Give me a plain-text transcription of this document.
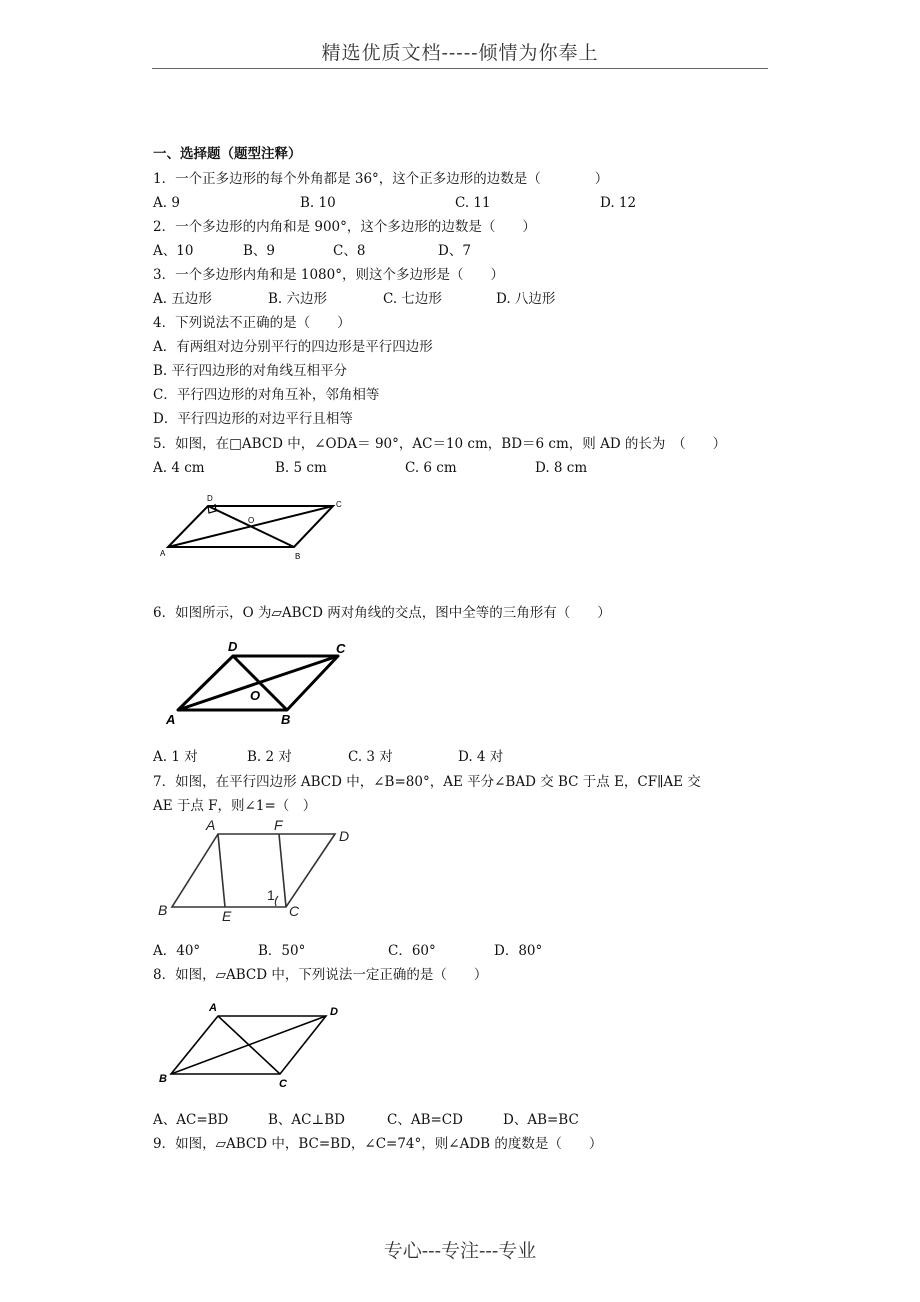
精选优质文档-----倾情为你奉上
一、选择题（题型注释）
1．一个正多边形的每个外角都是 36°，这个正多边形的边数是（　　　　）
A. 9	B. 10	C. 11	D. 12
2．一个多边形的内角和是 900°，这个多边形的边数是（　　）
A、10	B、9	C、8	D、7
3．一个多边形内角和是 1080°，则这个多边形是（　　）
A. 五边形	B. 六边形	C. 七边形	D. 八边形
4．下列说法不正确的是（　　）
A．有两组对边分别平行的四边形是平行四边形
B. 平行四边形的对角线互相平分
C．平行四边形的对角互补，邻角相等
D．平行四边形的对边平行且相等
5．如图，在□ABCD 中，∠ODA＝ 90°，AC＝10 cm，BD＝6 cm，则 AD 的长为　（　　）
A. 4 cm	B. 5 cm	C. 6 cm	D. 8 cm
D
C
O
A	B
6．如图所示，O 为▱ABCD 两对角线的交点，图中全等的三角形有（　　）
D	C
O
A	B
A. 1 对	B. 2 对	C. 3 对	D. 4 对
7．如图，在平行四边形 ABCD 中，∠B=80°，AE 平分∠BAD 交 BC 于点 E，CF∥AE 交
AE 于点 F，则∠1=（　）
A	F
D
1
B	E	C
A．40°	B．50°	C．60°	D．80°
8．如图，▱ABCD 中，下列说法一定正确的是（　　）
A	D
B	C
A、AC=BD	B、AC⊥BD	C、AB=CD	D、AB=BC
9．如图，▱ABCD 中，BC=BD，∠C=74°，则∠ADB 的度数是（　　）
专心---专注---专业
